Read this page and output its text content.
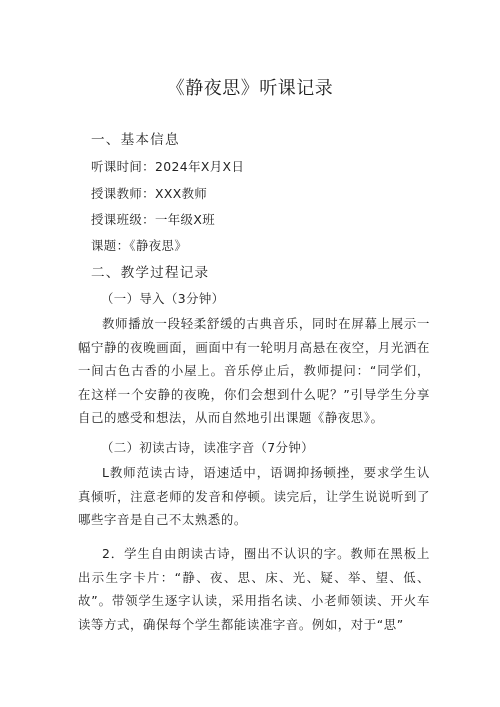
《静夜思》听课记录
一、基本信息
听课时间：2024年X月X日
授课教师：XXX教师
授课班级：一年级X班
课题：《静夜思》
二、教学过程记录
（一）导入（3分钟）

教师播放一段轻柔舒缓的古典音乐，同时在屏幕上展示一幅宁静的夜晚画面，画面中有一轮明月高悬在夜空，月光洒在一间古色古香的小屋上。音乐停止后，教师提问：“同学们，在这样一个安静的夜晚，你们会想到什么呢？”引导学生分享自己的感受和想法，从而自然地引出课题《静夜思》。

（二）初读古诗，读准字音（7分钟）

L教师范读古诗，语速适中，语调抑扬顿挫，要求学生认真倾听，注意老师的发音和停顿。读完后，让学生说说听到了哪些字音是自己不太熟悉的。

2．学生自由朗读古诗，圈出不认识的字。教师在黑板上出示生字卡片：“静、夜、思、床、光、疑、举、望、低、故”。带领学生逐字认读，采用指名读、小老师领读、开火车读等方式，确保每个学生都能读准字音。例如，对于“思”
